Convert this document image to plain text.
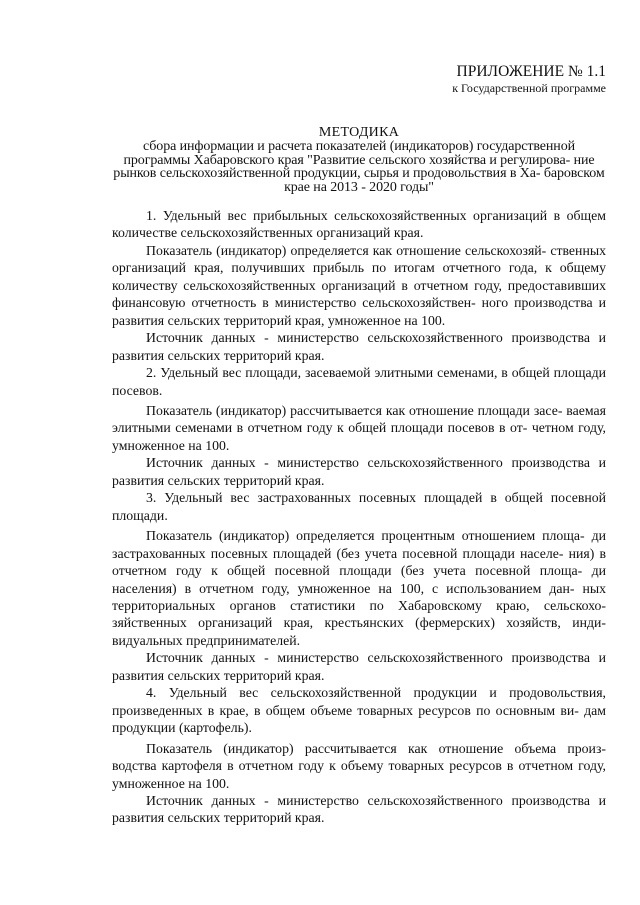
ПРИЛОЖЕНИЕ № 1.1
к Государственной программе
МЕТОДИКА
сбора информации и расчета показателей (индикаторов) государственной программы Хабаровского края "Развитие сельского хозяйства и регулирова- ние рынков сельскохозяйственной продукции, сырья и продовольствия в Ха- баровском крае на 2013 - 2020 годы"

1. Удельный вес прибыльных сельскохозяйственных организаций в общем количестве сельскохозяйственных организаций края.

Показатель (индикатор) определяется как отношение сельскохозяй- ственных организаций края, получивших прибыль по итогам отчетного года, к общему количеству сельскохозяйственных организаций в отчетном году, предоставивших финансовую отчетность в министерство сельскохозяйствен- ного производства и развития сельских территорий края, умноженное на 100.

Источник данных - министерство сельскохозяйственного производства и развития сельских территорий края.

2. Удельный вес площади, засеваемой элитными семенами, в общей площади посевов.

Показатель (индикатор) рассчитывается как отношение площади засе- ваемая элитными семенами в отчетном году к общей площади посевов в от- четном году, умноженное на 100.

Источник данных - министерство сельскохозяйственного производства и развития сельских территорий края.

3. Удельный вес застрахованных посевных площадей в общей посевной площади.

Показатель (индикатор) определяется процентным отношением площа- ди застрахованных посевных площадей (без учета посевной площади населе- ния) в отчетном году к общей посевной площади (без учета посевной площа- ди населения) в отчетном году, умноженное на 100, с использованием дан- ных территориальных органов статистики по Хабаровскому краю, сельскохо- зяйственных организаций края, крестьянских (фермерских) хозяйств, инди- видуальных предпринимателей.

Источник данных - министерство сельскохозяйственного производства и развития сельских территорий края.

4. Удельный вес сельскохозяйственной продукции и продовольствия, произведенных в крае, в общем объеме товарных ресурсов по основным ви- дам продукции (картофель).

Показатель (индикатор) рассчитывается как отношение объема произ- водства картофеля в отчетном году к объему товарных ресурсов в отчетном году, умноженное на 100.

Источник данных - министерство сельскохозяйственного производства и развития сельских территорий края.
